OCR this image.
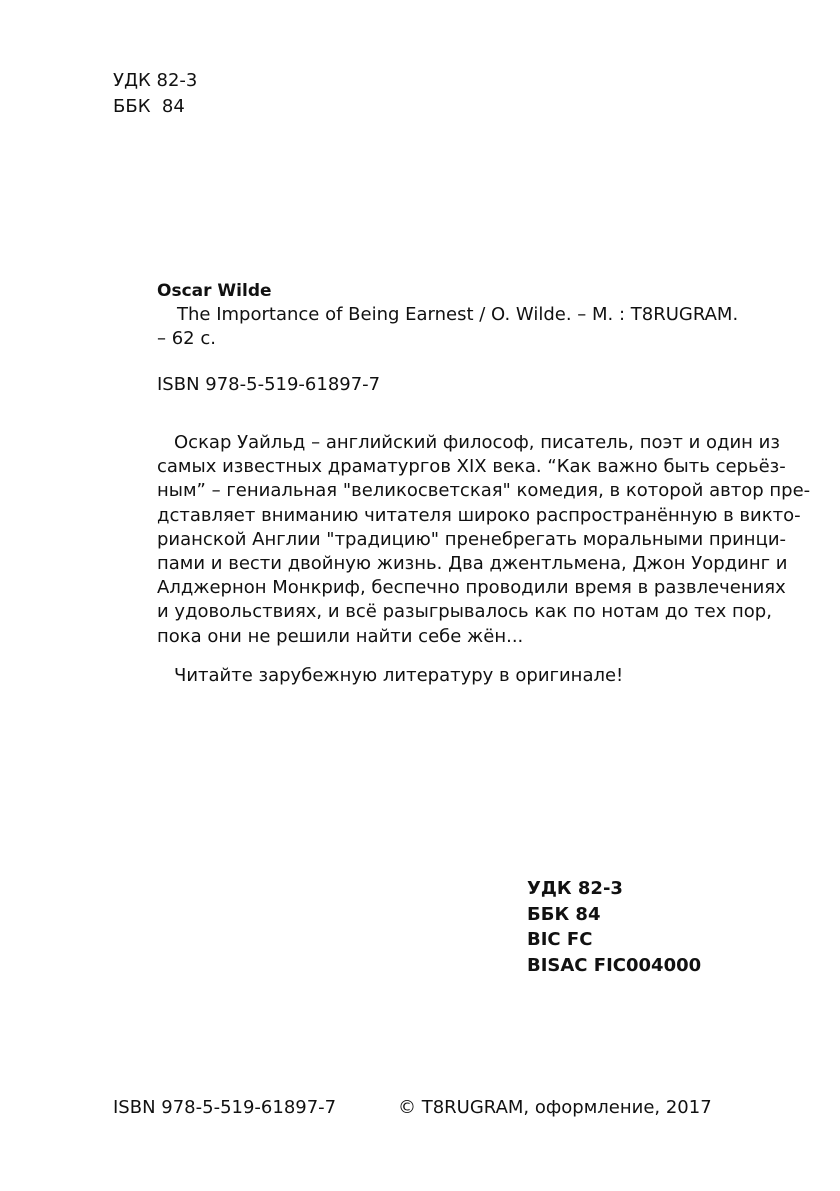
УДК 82-3
ББК  84
Oscar Wilde
The Importance of Being Earnest / O. Wilde. – M. : T8RUGRAM.
– 62 с.
ISBN 978-5-519-61897-7
Оскар Уайльд – английский философ, писатель, поэт и один из
самых известных драматургов XIX века. “Как важно быть серьёз-
ным” – гениальная "великосветская" комедия, в которой автор пре-
дставляет вниманию читателя широко распространённую в викто-
рианской Англии "традицию" пренебрегать моральными принци-
пами и вести двойную жизнь. Два джентльмена, Джон Уординг и
Алджернон Монкриф, беспечно проводили время в развлечениях
и удовольствиях, и всё разыгрывалось как по нотам до тех пор,
пока они не решили найти себе жён...
Читайте зарубежную литературу в оригинале!
УДК 82-3
ББК 84
BIC FC
BISAC FIC004000
ISBN 978-5-519-61897-7	© T8RUGRAM, оформление, 2017
